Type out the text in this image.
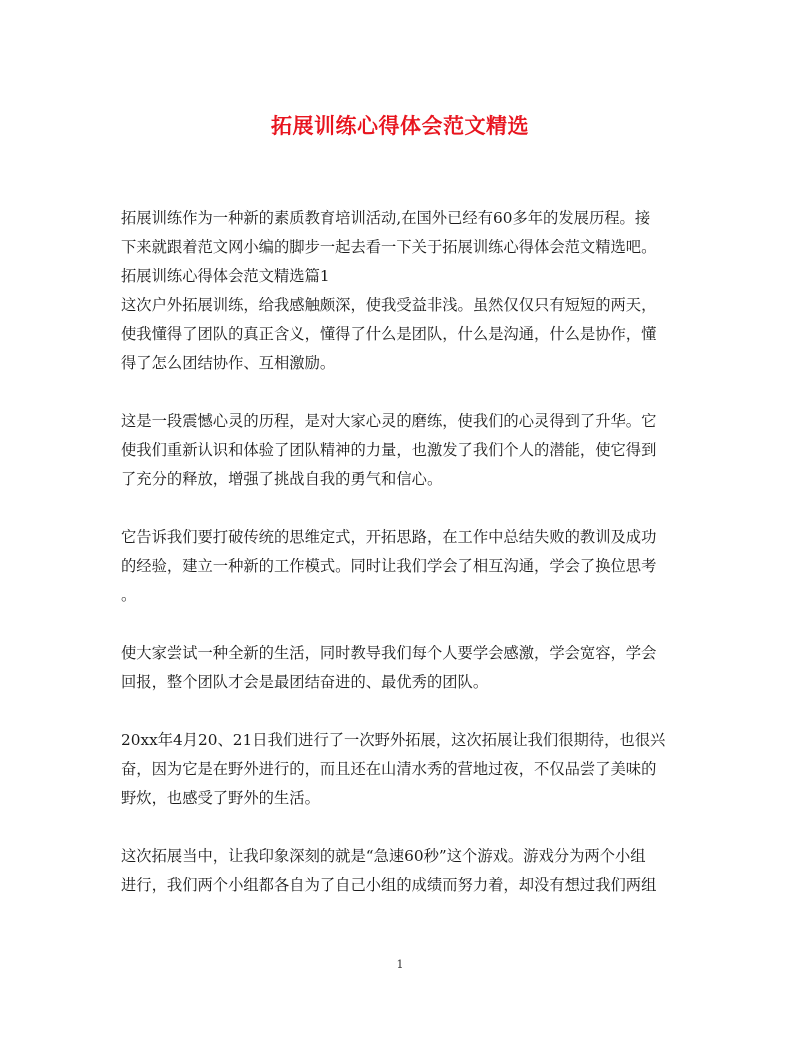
拓展训练心得体会范文精选
拓展训练作为一种新的素质教育培训活动,在国外已经有60多年的发展历程。接
下来就跟着范文网小编的脚步一起去看一下关于拓展训练心得体会范文精选吧。
拓展训练心得体会范文精选篇1
这次户外拓展训练，给我感触颇深，使我受益非浅。虽然仅仅只有短短的两天，
使我懂得了团队的真正含义，懂得了什么是团队，什么是沟通，什么是协作，懂
得了怎么团结协作、互相激励。
这是一段震憾心灵的历程，是对大家心灵的磨练，使我们的心灵得到了升华。它
使我们重新认识和体验了团队精神的力量，也激发了我们个人的潜能，使它得到
了充分的释放，增强了挑战自我的勇气和信心。
它告诉我们要打破传统的思维定式，开拓思路，在工作中总结失败的教训及成功
的经验，建立一种新的工作模式。同时让我们学会了相互沟通，学会了换位思考
。
使大家尝试一种全新的生活，同时教导我们每个人要学会感激，学会宽容，学会
回报，整个团队才会是最团结奋进的、最优秀的团队。
20xx年4月20、21日我们进行了一次野外拓展，这次拓展让我们很期待，也很兴
奋，因为它是在野外进行的，而且还在山清水秀的营地过夜，不仅品尝了美味的
野炊，也感受了野外的生活。
这次拓展当中，让我印象深刻的就是“急速60秒”这个游戏。游戏分为两个小组
进行，我们两个小组都各自为了自己小组的成绩而努力着，却没有想过我们两组
1
